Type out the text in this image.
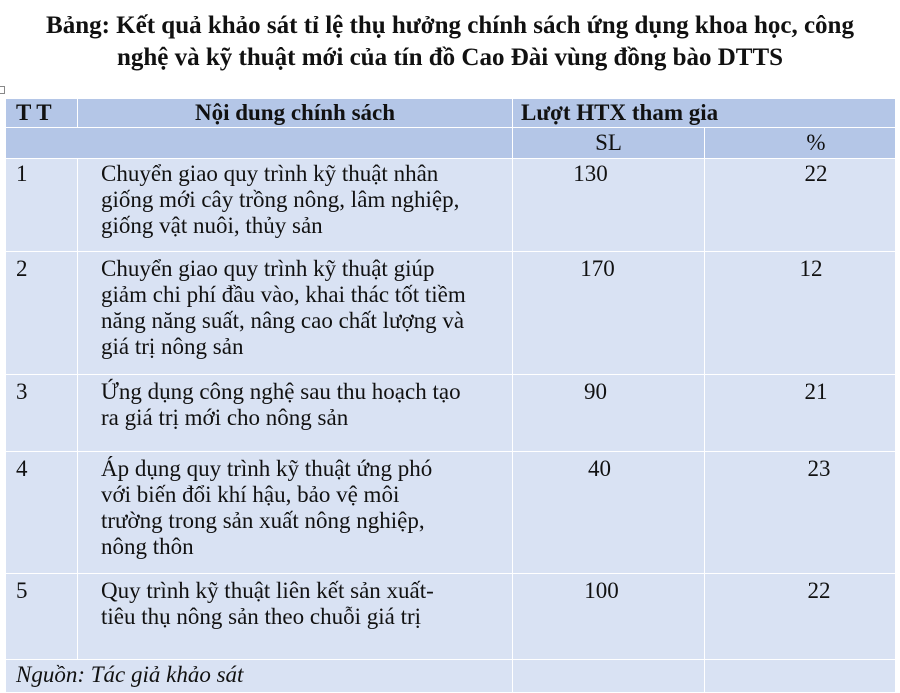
Bảng: Kết quả khảo sát tỉ lệ thụ hưởng chính sách ứng dụng khoa học, công
nghệ và kỹ thuật mới của tín đồ Cao Đài vùng đồng bào DTTS
T T	Nội dung chính sách	Lượt HTX tham gia	
		SL	%
1	Chuyển giao quy trình kỹ thuật nhân
giống mới cây trồng nông, lâm nghiệp,
giống vật nuôi, thủy sản	130	22
2	Chuyển giao quy trình kỹ thuật giúp
giảm chi phí đầu vào, khai thác tốt tiềm
năng năng suất, nâng cao chất lượng và
giá trị nông sản	170	12
3	Ứng dụng công nghệ sau thu hoạch tạo
ra giá trị mới cho nông sản	90	21
4	Áp dụng quy trình kỹ thuật ứng phó
với biến đổi khí hậu, bảo vệ môi
trường trong sản xuất nông nghiệp,
nông thôn	40	23
5	Quy trình kỹ thuật liên kết sản xuất-
tiêu thụ nông sản theo chuỗi giá trị	100	22
Nguồn: Tác giả khảo sát			
